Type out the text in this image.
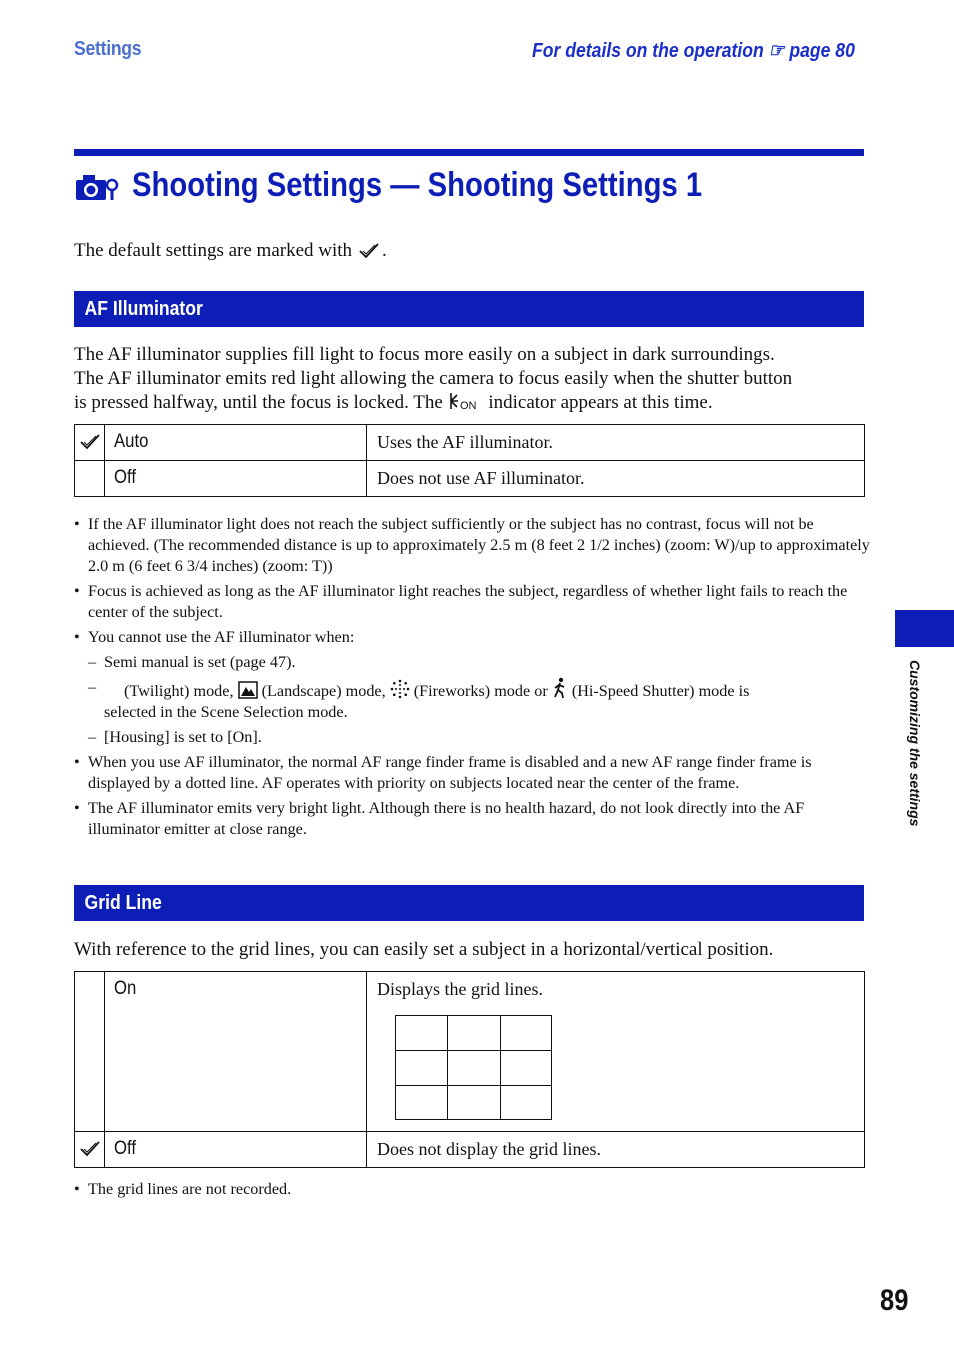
Settings	For details on the operation ☞ page 80
Shooting Settings — Shooting Settings 1
The default settings are marked with .
AF Illuminator
The AF illuminator supplies fill light to focus more easily on a subject in dark surroundings.
The AF illuminator emits red light allowing the camera to focus easily when the shutter button
is pressed halfway, until the focus is locked. The ON indicator appears at this time.
	Auto	Uses the AF illuminator.
	Off	Does not use AF illuminator.
• If the AF illuminator light does not reach the subject sufficiently or the subject has no contrast, focus will not be achieved. (The recommended distance is up to approximately 2.5 m (8 feet 2 1/2 inches) (zoom: W)/up to approximately 2.0 m (6 feet 6 3/4 inches) (zoom: T))
• Focus is achieved as long as the AF illuminator light reaches the subject, regardless of whether light fails to reach the center of the subject.
• You cannot use the AF illuminator when:
– Semi manual is set (page 47).
– (Twilight) mode, (Landscape) mode, (Fireworks) mode or (Hi-Speed Shutter) mode is
selected in the Scene Selection mode.
– [Housing] is set to [On].
• When you use AF illuminator, the normal AF range finder frame is disabled and a new AF range finder frame is displayed by a dotted line. AF operates with priority on subjects located near the center of the frame.
• The AF illuminator emits very bright light. Although there is no health hazard, do not look directly into the AF illuminator emitter at close range.
Grid Line
With reference to the grid lines, you can easily set a subject in a horizontal/vertical position.
	On	Displays the grid lines.
	Off	Does not display the grid lines.
• The grid lines are not recorded.
Customizing the settings
89
